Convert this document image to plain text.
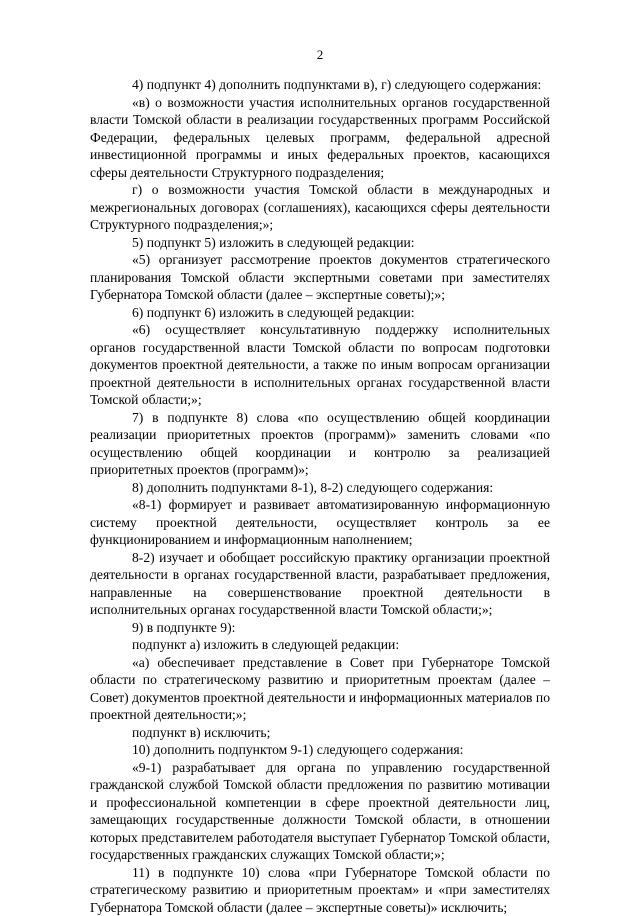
2

4) подпункт 4) дополнить подпунктами в), г) следующего содержания:

«в) о возможности участия исполнительных органов государственной власти Томской области в реализации государственных программ Российской Федерации, федеральных целевых программ, федеральной адресной инвестиционной программы и иных федеральных проектов, касающихся сферы деятельности Структурного подразделения;

г) о возможности участия Томской области в международных и межрегиональных договорах (соглашениях), касающихся сферы деятельности Структурного подразделения;»;

5) подпункт 5) изложить в следующей редакции:

«5) организует рассмотрение проектов документов стратегического планирования Томской области экспертными советами при заместителях Губернатора Томской области (далее – экспертные советы);»;

6) подпункт 6) изложить в следующей редакции:

«6) осуществляет консультативную поддержку исполнительных органов государственной власти Томской области по вопросам подготовки документов проектной деятельности, а также по иным вопросам организации проектной деятельности в исполнительных органах государственной власти Томской области;»;

7) в подпункте 8) слова «по осуществлению общей координации реализации приоритетных проектов (программ)» заменить словами «по осуществлению общей координации и контролю за реализацией приоритетных проектов (программ)»;

8) дополнить подпунктами 8-1), 8-2) следующего содержания:

«8-1) формирует и развивает автоматизированную информационную систему проектной деятельности, осуществляет контроль за ее функционированием и информационным наполнением;

8-2) изучает и обобщает российскую практику организации проектной деятельности в органах государственной власти, разрабатывает предложения, направленные на совершенствование проектной деятельности в исполнительных органах государственной власти Томской области;»;

9) в подпункте 9):

подпункт а) изложить в следующей редакции:

«а) обеспечивает представление в Совет при Губернаторе Томской области по стратегическому развитию и приоритетным проектам (далее – Совет) документов проектной деятельности и информационных материалов по проектной деятельности;»;

подпункт в) исключить;

10) дополнить подпунктом 9-1) следующего содержания:

«9-1) разрабатывает для органа по управлению государственной гражданской службой Томской области предложения по развитию мотивации и профессиональной компетенции в сфере проектной деятельности лиц, замещающих государственные должности Томской области, в отношении которых представителем работодателя выступает Губернатор Томской области, государственных гражданских служащих Томской области;»;

11) в подпункте 10) слова «при Губернаторе Томской области по стратегическому развитию и приоритетным проектам» и «при заместителях Губернатора Томской области (далее – экспертные советы)» исключить;
